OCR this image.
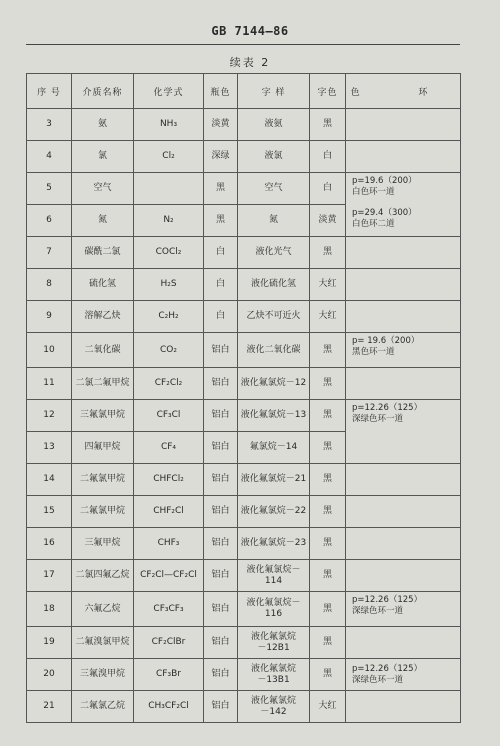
GB 7144—86
续表 2
序 号	介质名称	化学式	瓶色	字 样	字色	色 环
3	氨	NH₃	淡黄	液氨	黑	
4	氯	Cl₂	深绿	液氯	白	
5	空气		黑	空气	白	p=19.6（200）
白色环一道
p=29.4（300）
白色环二道

6	氮	N₂	黑	氮	淡黄	
7	碳酰二氯	COCl₂	白	液化光气	黑	
8	硫化氢	H₂S	白	液化硫化氢	大红	
9	溶解乙炔	C₂H₂	白	乙炔不可近火	大红	
10	二氧化碳	CO₂	铝白	液化二氧化碳	黑	p= 19.6（200）
黑色环一道

11	二氯二氟甲烷	CF₂Cl₂	铝白	液化氟氯烷－12	黑	
12	三氟氯甲烷	CF₃Cl	铝白	液化氟氯烷－13	黑	p=12.26（125）
深绿色环一道

13	四氟甲烷	CF₄	铝白	氟氯烷－14	黑	
14	二氟氯甲烷	CHFCl₂	铝白	液化氟氯烷－21	黑	
15	二氟氯甲烷	CHF₂Cl	铝白	液化氟氯烷－22	黑	
16	三氟甲烷	CHF₃	铝白	液化氟氯烷－23	黑	
17	二氯四氟乙烷	CF₂Cl—CF₂Cl	铝白	液化氟氯烷－114	黑	
18	六氟乙烷	CF₃CF₃	铝白	液化氟氯烷－116	黑	p=12.26（125）
深绿色环一道

19	二氟溴氯甲烷	CF₂ClBr	铝白	液化氟氯烷
－12B1	黑	
20	三氟溴甲烷	CF₃Br	铝白	液化氟氯烷
－13B1	黑	p=12.26（125）
深绿色环一道

21	二氟氯乙烷	CH₃CF₂Cl	铝白	液化氟氯烷
－142	大红	
